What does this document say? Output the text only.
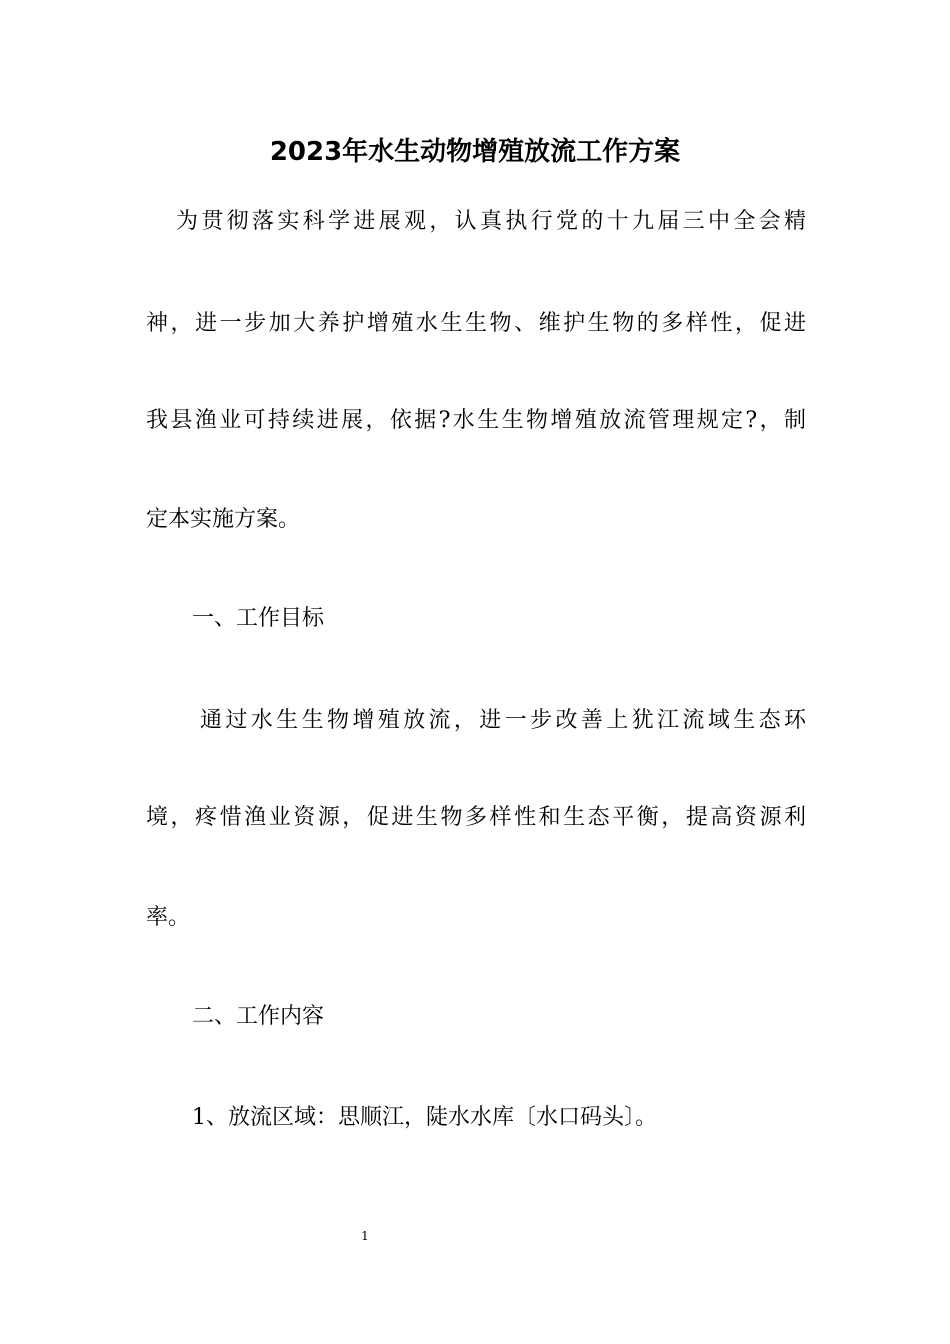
2023年水生动物增殖放流工作方案
为贯彻落实科学进展观，认真执行党的十九届三中全会精
神，进一步加大养护增殖水生生物、维护生物的多样性，促进
我县渔业可持续进展，依据?水生生物增殖放流管理规定?，制
定本实施方案。
一、工作目标
通过水生生物增殖放流，进一步改善上犹江流域生态环
境，疼惜渔业资源，促进生物多样性和生态平衡，提高资源利
率。
二、工作内容
1、放流区域：思顺江，陡水水库〔水口码头〕。
1
